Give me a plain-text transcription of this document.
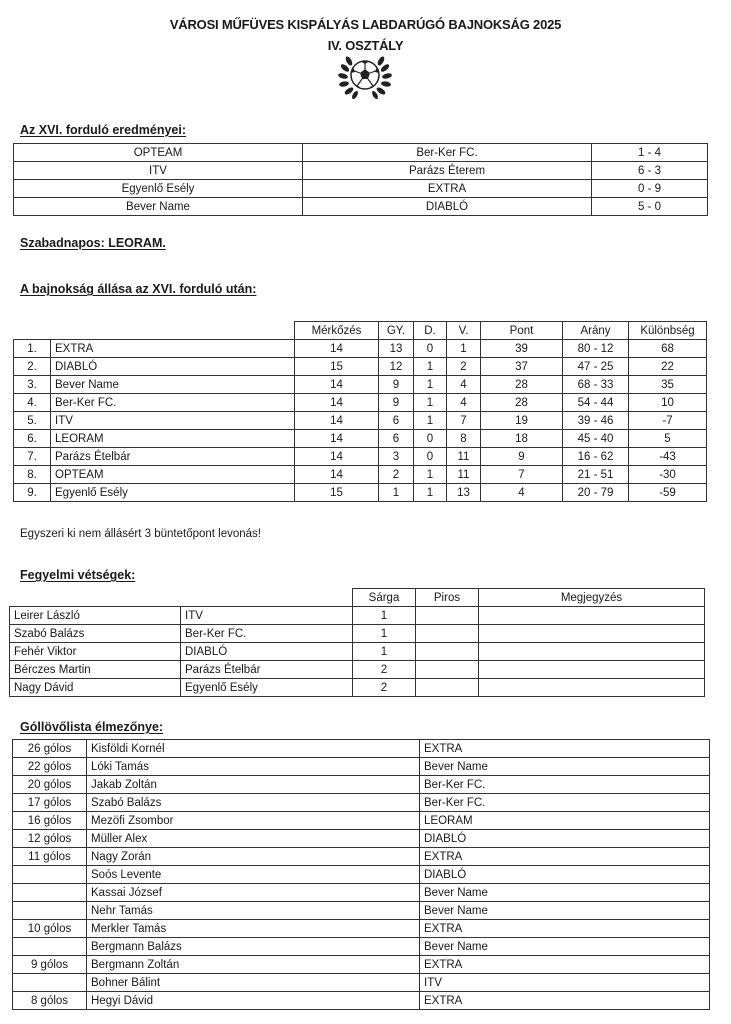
VÁROSI MŰFÜVES KISPÁLYÁS LABDARÚGÓ BAJNOKSÁG 2025
IV. OSZTÁLY
Az XVI. forduló eredményei:
OPTEAM	Ber-Ker FC.	1 - 4
ITV	Parázs Éterem	6 - 3
Egyenlő Esély	EXTRA	0 - 9
Bever Name	DIABLÓ	5 - 0
Szabadnapos: LEORAM.
A bajnokság állása az XVI. forduló után:
		Mérkőzés	GY.	D.	V.	Pont	Arány	Különbség
1.	EXTRA	14	13	0	1	39	80 - 12	68
2.	DIABLÓ	15	12	1	2	37	47 - 25	22
3.	Bever Name	14	9	1	4	28	68 - 33	35
4.	Ber-Ker FC.	14	9	1	4	28	54 - 44	10
5.	ITV	14	6	1	7	19	39 - 46	-7
6.	LEORAM	14	6	0	8	18	45 - 40	5
7.	Parázs Ételbár	14	3	0	11	9	16 - 62	-43
8.	OPTEAM	14	2	1	11	7	21 - 51	-30
9.	Egyenlő Esély	15	1	1	13	4	20 - 79	-59
Egyszeri ki nem állásért 3 büntetőpont levonás!
Fegyelmi vétségek:
		Sárga	Piros	Megjegyzés
Leirer László	ITV	1		
Szabó Balázs	Ber-Ker FC.	1		
Fehér Viktor	DIABLÓ	1		
Bérczes Martin	Parázs Ételbár	2		
Nagy Dávid	Egyenlő Esély	2		
Góllövőlista élmezőnye:
26 gólos	Kisföldi Kornél	EXTRA
22 gólos	Lóki Tamás	Bever Name
20 gólos	Jakab Zoltán	Ber-Ker FC.
17 gólos	Szabó Balázs	Ber-Ker FC.
16 gólos	Mezöfi Zsombor	LEORAM
12 gólos	Müller Alex	DIABLÓ
11 gólos	Nagy Zorán	EXTRA
	Soós Levente	DIABLÓ
	Kassai József	Bever Name
	Nehr Tamás	Bever Name
10 gólos	Merkler Tamás	EXTRA
	Bergmann Balázs	Bever Name
9 gólos	Bergmann Zoltán	EXTRA
	Bohner Bálint	ITV
8 gólos	Hegyi Dávid	EXTRA
